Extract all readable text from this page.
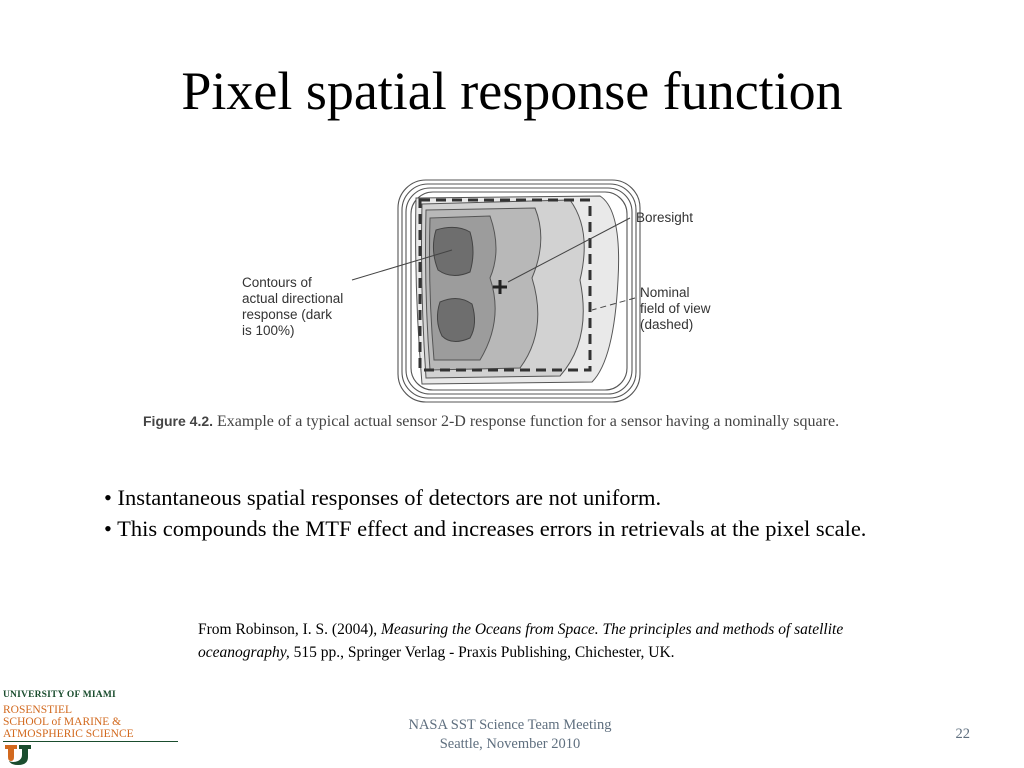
Pixel spatial response function
Contours of
actual directional
response (dark
is 100%)
Boresight
Nominal
field of view
(dashed)
Figure 4.2. Example of a typical actual sensor 2-D response function for a sensor having a nominally square.
• Instantaneous spatial responses of detectors are not uniform.
• This compounds the MTF effect and increases errors in retrievals at the pixel scale.
From Robinson, I. S. (2004), Measuring the Oceans from Space. The principles and methods of satellite oceanography, 515 pp., Springer Verlag - Praxis Publishing, Chichester, UK.
UNIVERSITY OF MIAMI
ROSENSTIEL
SCHOOL of MARINE &
ATMOSPHERIC SCIENCE
NASA SST Science Team Meeting
Seattle, November 2010
22
